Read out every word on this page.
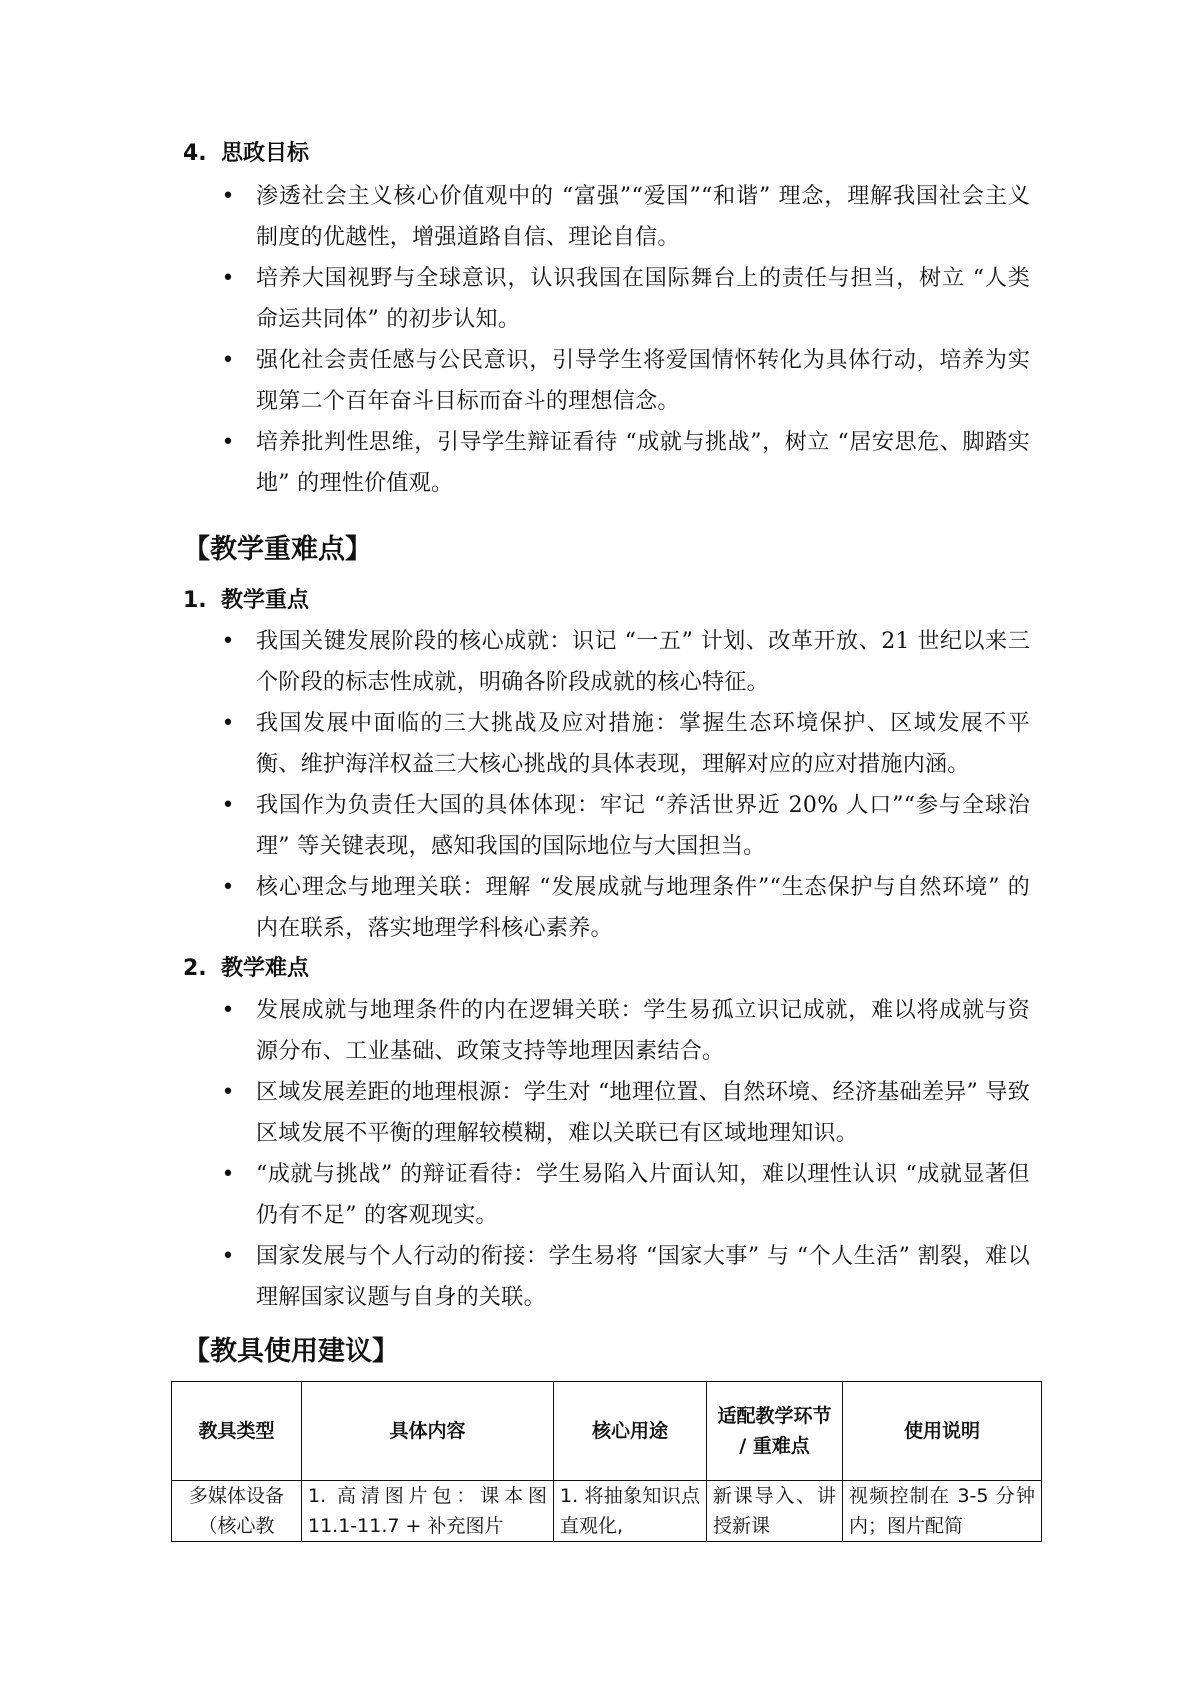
4. 思政目标
• 渗透社会主义核心价值观中的 “富强”“爱国”“和谐” 理念，理解我国社会主义制度的优越性，增强道路自信、理论自信。
• 培养大国视野与全球意识，认识我国在国际舞台上的责任与担当，树立 “人类命运共同体” 的初步认知。
• 强化社会责任感与公民意识，引导学生将爱国情怀转化为具体行动，培养为实现第二个百年奋斗目标而奋斗的理想信念。
• 培养批判性思维，引导学生辩证看待 “成就与挑战”，树立 “居安思危、脚踏实地” 的理性价值观。
【教学重难点】
1. 教学重点
• 我国关键发展阶段的核心成就：识记 “一五” 计划、改革开放、21 世纪以来三个阶段的标志性成就，明确各阶段成就的核心特征。
• 我国发展中面临的三大挑战及应对措施：掌握生态环境保护、区域发展不平衡、维护海洋权益三大核心挑战的具体表现，理解对应的应对措施内涵。
• 我国作为负责任大国的具体体现：牢记 “养活世界近 20% 人口”“参与全球治理” 等关键表现，感知我国的国际地位与大国担当。
• 核心理念与地理关联：理解 “发展成就与地理条件”“生态保护与自然环境” 的内在联系，落实地理学科核心素养。
2. 教学难点
• 发展成就与地理条件的内在逻辑关联：学生易孤立识记成就，难以将成就与资源分布、工业基础、政策支持等地理因素结合。
• 区域发展差距的地理根源：学生对 “地理位置、自然环境、经济基础差异” 导致区域发展不平衡的理解较模糊，难以关联已有区域地理知识。
• “成就与挑战” 的辩证看待：学生易陷入片面认知，难以理性认识 “成就显著但仍有不足” 的客观现实。
• 国家发展与个人行动的衔接：学生易将 “国家大事” 与 “个人生活” 割裂，难以理解国家议题与自身的关联。
【教具使用建议】
教具类型	具体内容	核心用途	适配教学环节 / 重难点	使用说明

多媒体设备（核心教	1. 高清图片包：课本图 11.1-11.7 + 补充图片	1. 将抽象知识点直观化,	新课导入、讲授新课	视频控制在 3-5 分钟内；图片配简
